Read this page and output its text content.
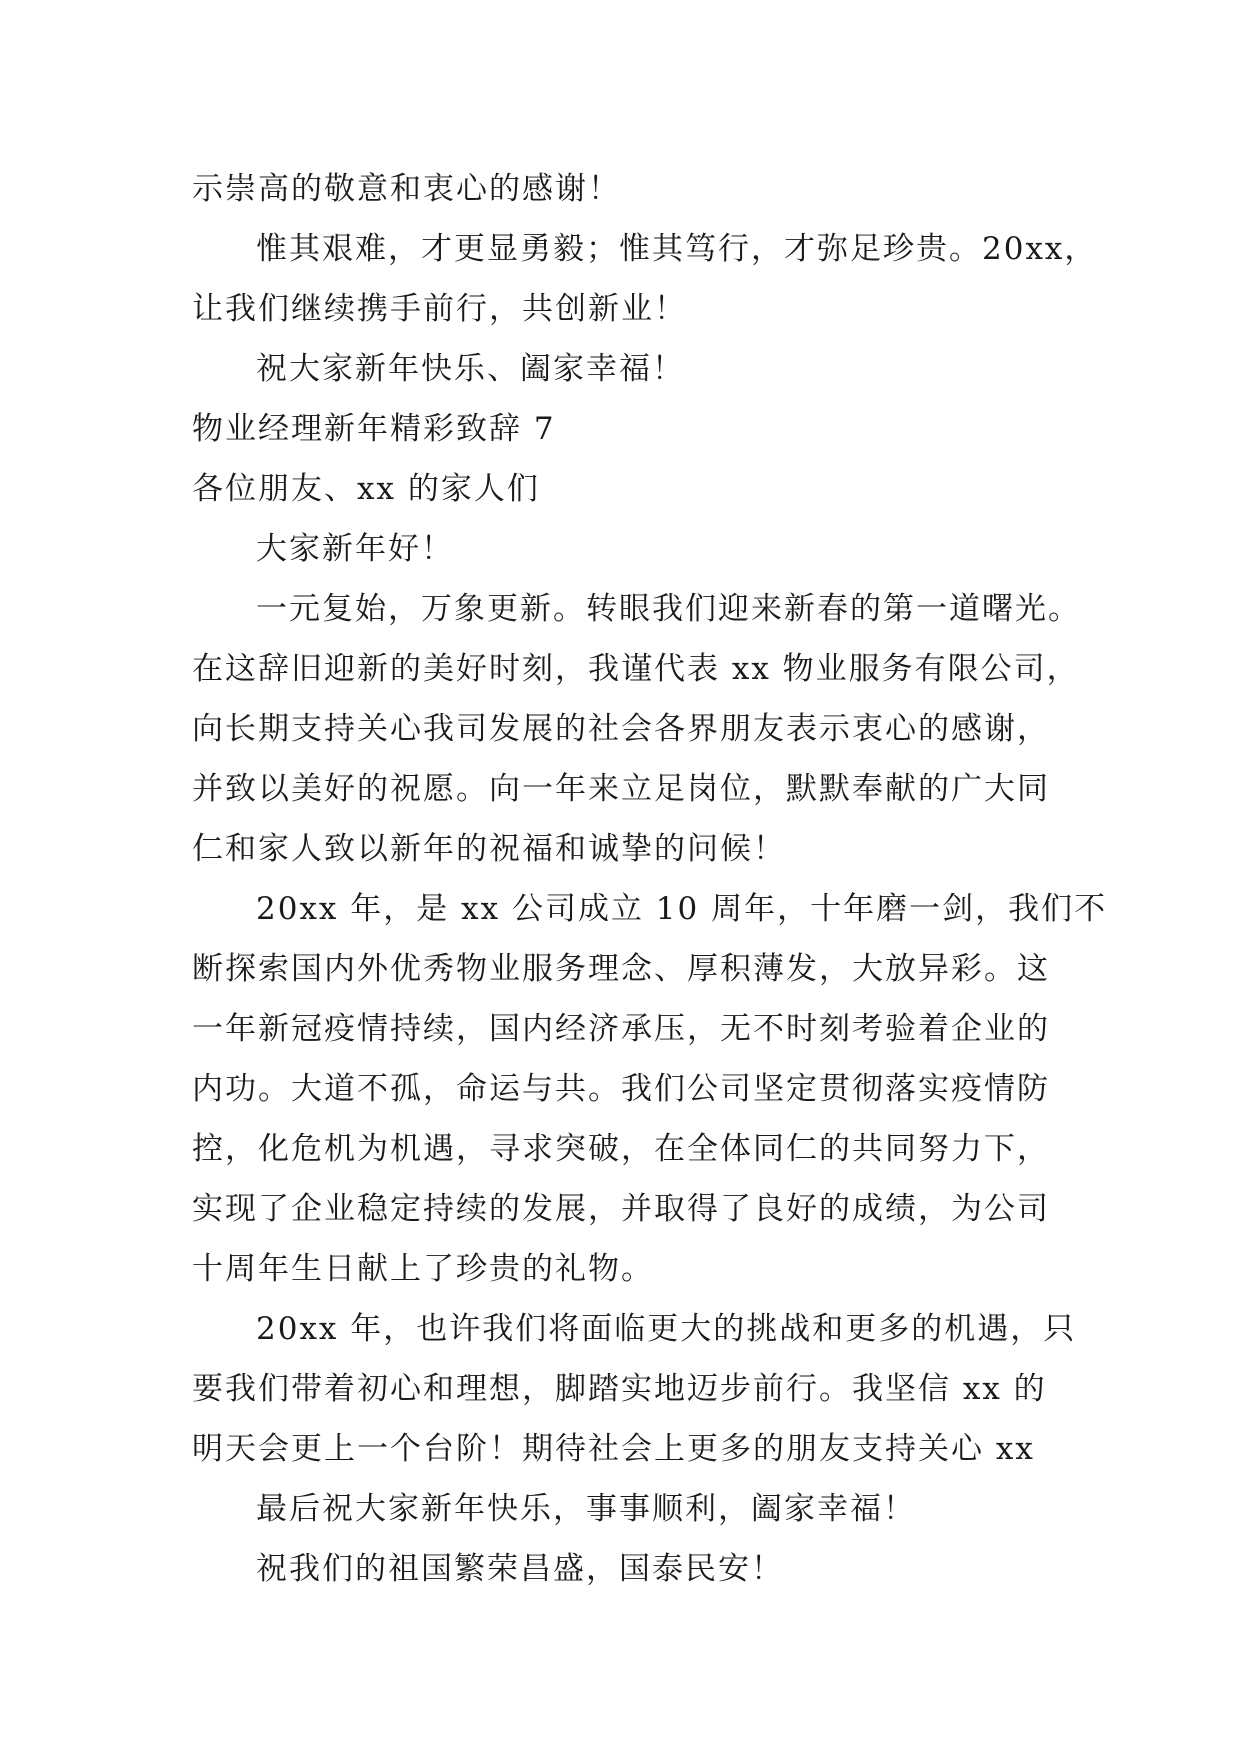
示崇高的敬意和衷心的感谢！
惟其艰难，才更显勇毅；惟其笃行，才弥足珍贵。20xx，
让我们继续携手前行，共创新业！
祝大家新年快乐、阖家幸福！
物业经理新年精彩致辞 7
各位朋友、xx 的家人们
大家新年好！
一元复始，万象更新。转眼我们迎来新春的第一道曙光。
在这辞旧迎新的美好时刻，我谨代表 xx 物业服务有限公司，
向长期支持关心我司发展的社会各界朋友表示衷心的感谢，
并致以美好的祝愿。向一年来立足岗位，默默奉献的广大同
仁和家人致以新年的祝福和诚挚的问候！
20xx 年，是 xx 公司成立 10 周年，十年磨一剑，我们不
断探索国内外优秀物业服务理念、厚积薄发，大放异彩。这
一年新冠疫情持续，国内经济承压，无不时刻考验着企业的
内功。大道不孤，命运与共。我们公司坚定贯彻落实疫情防
控，化危机为机遇，寻求突破，在全体同仁的共同努力下，
实现了企业稳定持续的发展，并取得了良好的成绩，为公司
十周年生日献上了珍贵的礼物。
20xx 年，也许我们将面临更大的挑战和更多的机遇，只
要我们带着初心和理想，脚踏实地迈步前行。我坚信 xx 的
明天会更上一个台阶！期待社会上更多的朋友支持关心 xx
最后祝大家新年快乐，事事顺利，阖家幸福！
祝我们的祖国繁荣昌盛，国泰民安！
